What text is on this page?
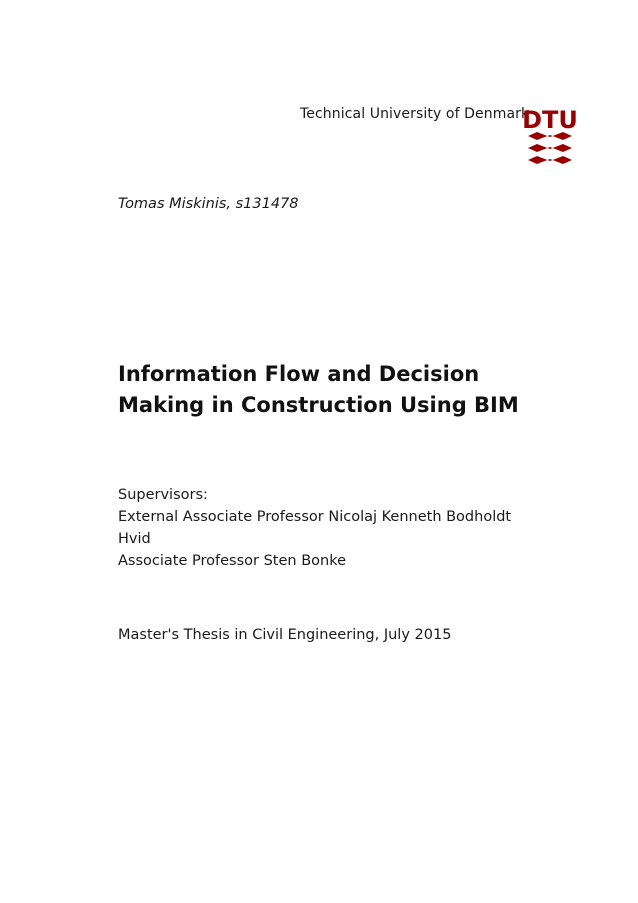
Technical University of Denmark
DTU
Tomas Miskinis, s131478
Information Flow and Decision
Making in Construction Using BIM
Supervisors:
External Associate Professor Nicolaj Kenneth Bodholdt
Hvid
Associate Professor Sten Bonke
Master's Thesis in Civil Engineering, July 2015
